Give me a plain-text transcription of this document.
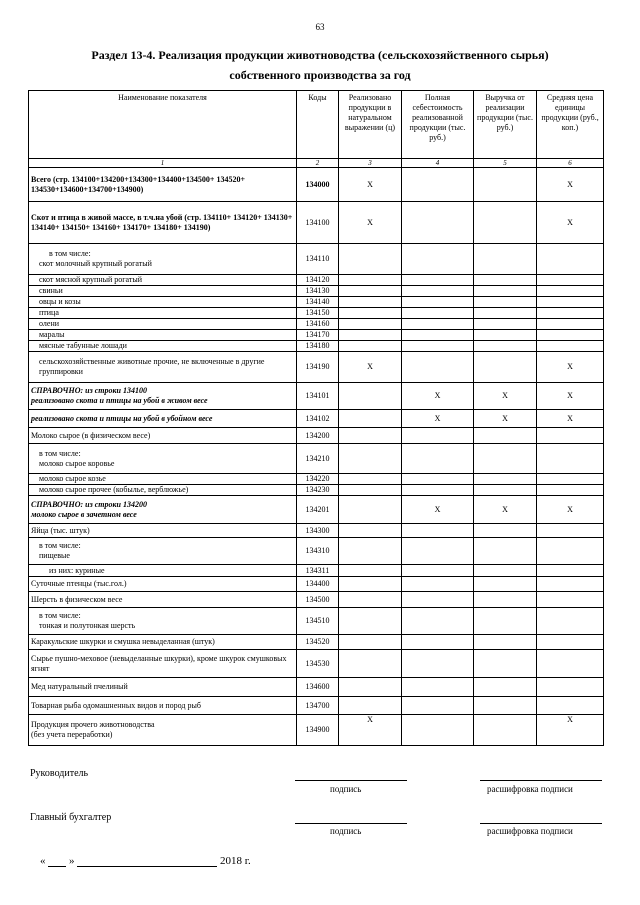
63
Раздел 13-4. Реализация продукции животноводства (сельскохозяйственного сырья)
собственного производства за год
Наименование показателя	Коды	Реализовано продукции в натуральном выражении (ц)	Полная себестоимость реализованной продукции (тыс. руб.)	Выручка от реализации продукции (тыс. руб.)	Средняя цена единицы продукции (руб., коп.)
1	2	3	4	5	6
Всего (стр. 134100+134200+134300+134400+134500+ 134520+ 134530+134600+134700+134900)	134000	X			X
Скот и птица в живой массе, в т.ч.на убой (стр. 134110+ 134120+ 134130+ 134140+ 134150+ 134160+ 134170+ 134180+ 134190)	134100	X			X

в том числе:
скот молочный крупный рогатый	134110				
скот мясной крупный рогатый	134120				
свиньи	134130				
овцы и козы	134140				
птица	134150				
олени	134160				
маралы	134170				
мясные табунные лошади	134180				
сельскохозяйственные животные прочие, не включенные в другие группировки	134190	X			X

СПРАВОЧНО: из строки 134100
реализовано скота и птицы на убой в живом весе	134101		X	X	X
реализовано скота и птицы на убой в убойном весе	134102		X	X	X
Молоко сырое (в физическом весе)	134200				

в том числе:
молоко сырое коровье	134210				
молоко сырое козье	134220				
молоко сырое прочее (кобылье, верблюжье)	134230				

СПРАВОЧНО: из строки 134200
молоко сырое в зачетном весе	134201		X	X	X
Яйца (тыс. штук)	134300				

в том числе:
пищевые	134310				
из них: куриные	134311				
Суточные птенцы (тыс.гол.)	134400				
Шерсть в физическом весе	134500				

в том числе:
тонкая и полутонкая шерсть	134510				
Каракульские шкурки и смушка невыделанная (штук)	134520				
Сырье пушно-меховое (невыделанные шкурки), кроме шкурок смушковых ягнят	134530				
Мед натуральный пчелиный	134600				
Товарная рыба одомашненных видов и пород рыб	134700				

Продукция прочего животноводства
(без учета переработки)	134900	X			X
Руководитель
подпись	расшифровка подписи
Главный бухгалтер
подпись	расшифровка подписи
« »	2018 г.
